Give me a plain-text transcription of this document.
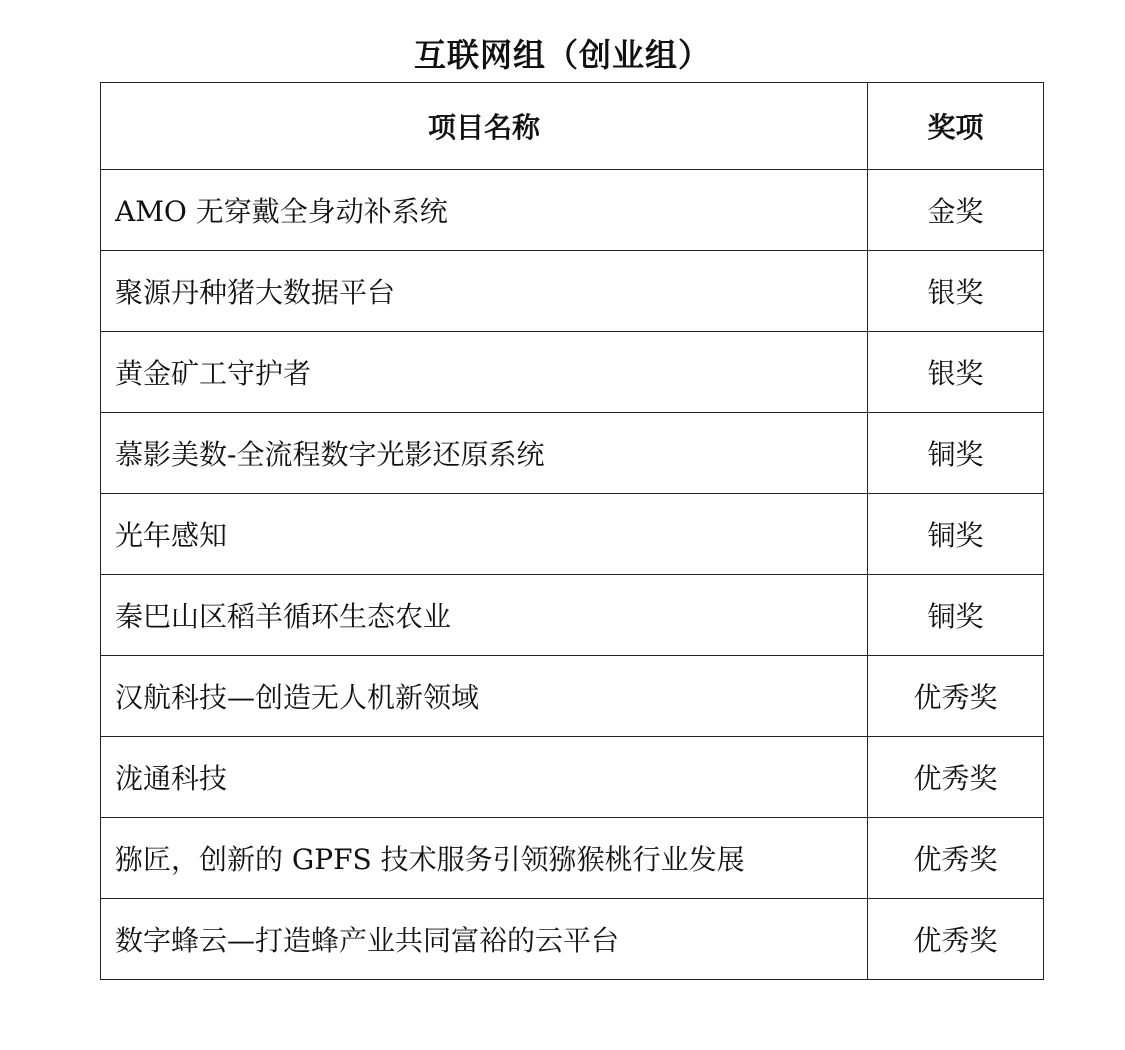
互联网组（创业组）
项目名称	奖项
AMO 无穿戴全身动补系统	金奖
聚源丹种猪大数据平台	银奖
黄金矿工守护者	银奖
慕影美数-全流程数字光影还原系统	铜奖
光年感知	铜奖
秦巴山区稻羊循环生态农业	铜奖
汉航科技—创造无人机新领域	优秀奖
泷通科技	优秀奖
猕匠，创新的 GPFS 技术服务引领猕猴桃行业发展	优秀奖
数字蜂云—打造蜂产业共同富裕的云平台	优秀奖
